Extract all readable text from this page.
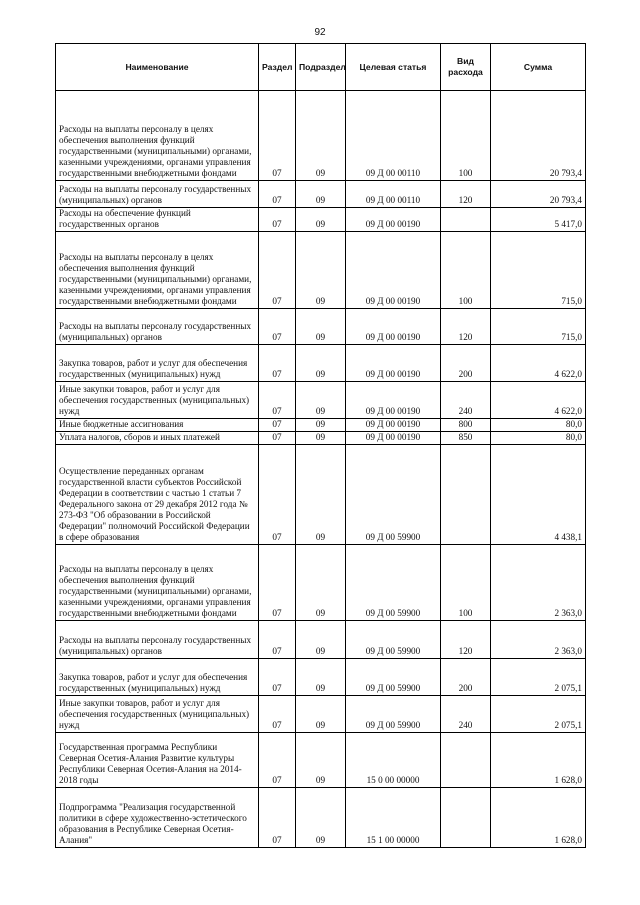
92
Наименование	Раздел	Подраздел	Целевая статья	Вид расхода	Сумма
Расходы на выплаты персоналу в целях обеспечения выполнения функций государственными (муниципальными) органами, казенными учреждениями, органами управления государственными внебюджетными фондами	07	09	09 Д 00 00110	100	20 793,4
Расходы на выплаты персоналу государственных (муниципальных) органов	07	09	09 Д 00 00110	120	20 793,4
Расходы на обеспечение функций государственных органов	07	09	09 Д 00 00190		5 417,0
Расходы на выплаты персоналу в целях обеспечения выполнения функций государственными (муниципальными) органами, казенными учреждениями, органами управления государственными внебюджетными фондами	07	09	09 Д 00 00190	100	715,0
Расходы на выплаты персоналу государственных (муниципальных) органов	07	09	09 Д 00 00190	120	715,0
Закупка товаров, работ и услуг для обеспечения государственных (муниципальных) нужд	07	09	09 Д 00 00190	200	4 622,0
Иные закупки товаров, работ и услуг для обеспечения государственных (муниципальных) нужд	07	09	09 Д 00 00190	240	4 622,0
Иные бюджетные ассигнования	07	09	09 Д 00 00190	800	80,0
Уплата налогов, сборов и иных платежей	07	09	09 Д 00 00190	850	80,0
Осуществление переданных органам государственной власти субъектов Российской Федерации в соответствии с частью 1 статьи 7 Федерального закона от 29 декабря 2012 года № 273-ФЗ "Об образовании в Российской Федерации" полномочий Российской Федерации в сфере образования	07	09	09 Д 00 59900		4 438,1
Расходы на выплаты персоналу в целях обеспечения выполнения функций государственными (муниципальными) органами, казенными учреждениями, органами управления государственными внебюджетными фондами	07	09	09 Д 00 59900	100	2 363,0
Расходы на выплаты персоналу государственных (муниципальных) органов	07	09	09 Д 00 59900	120	2 363,0
Закупка товаров, работ и услуг для обеспечения государственных (муниципальных) нужд	07	09	09 Д 00 59900	200	2 075,1
Иные закупки товаров, работ и услуг для обеспечения государственных (муниципальных) нужд	07	09	09 Д 00 59900	240	2 075,1
Государственная программа Республики Северная Осетия-Алания Развитие культуры Республики Северная Осетия-Алания на 2014-2018 годы	07	09	15 0 00 00000		1 628,0
Подпрограмма "Реализация государственной политики в сфере художественно-эстетического образования в Республике Северная Осетия-Алания"	07	09	15 1 00 00000		1 628,0
